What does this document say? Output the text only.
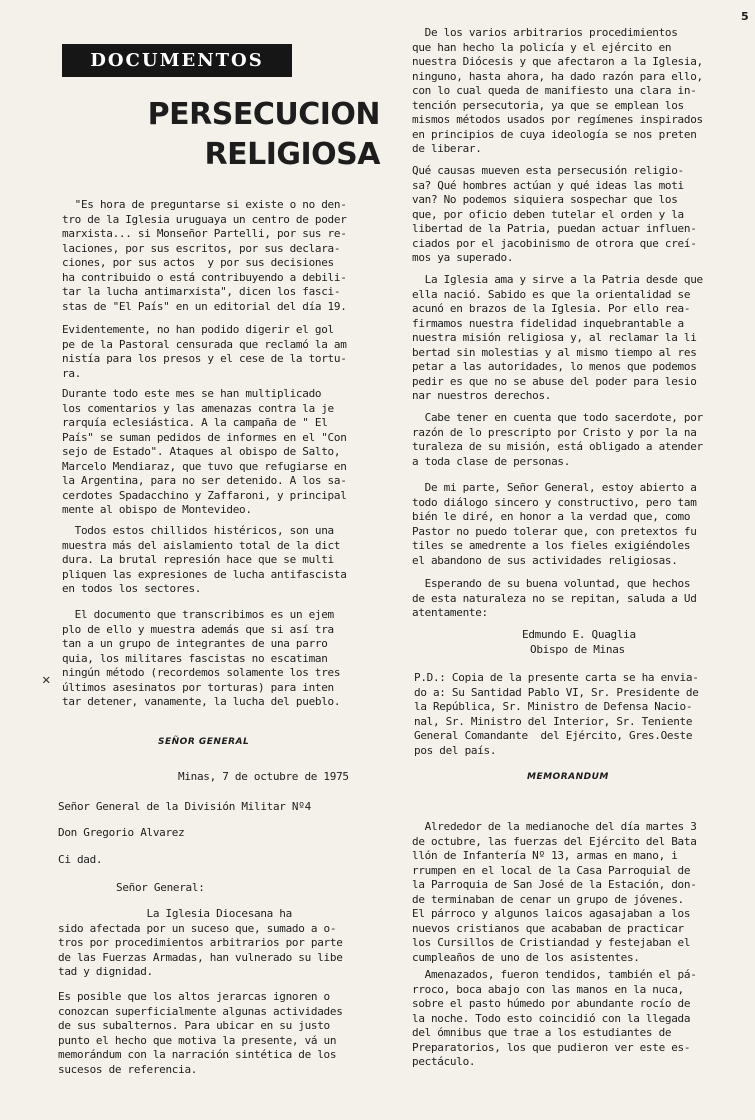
5
DOCUMENTOS
PERSECUCION
RELIGIOSA

"Es hora de preguntarse si existe o no den-
tro de la Iglesia uruguaya un centro de poder
marxista... si Monseñor Partelli, por sus re-
laciones, por sus escritos, por sus declara-
ciones, por sus actos  y por sus decisiones
ha contribuido o está contribuyendo a debili-
tar la lucha antimarxista", dicen los fasci-
stas de "El País" en un editorial del día 19.

Evidentemente, no han podido digerir el gol
pe de la Pastoral censurada que reclamó la am
nistía para los presos y el cese de la tortu-
ra.

Durante todo este mes se han multiplicado
los comentarios y las amenazas contra la je
rarquía eclesiástica. A la campaña de " El
País" se suman pedidos de informes en el "Con
sejo de Estado". Ataques al obispo de Salto,
Marcelo Mendiaraz, que tuvo que refugiarse en
la Argentina, para no ser detenido. A los sa-
cerdotes Spadacchino y Zaffaroni, y principal
mente al obispo de Montevideo.

Todos estos chillidos histéricos, son una
muestra más del aislamiento total de la dict
dura. La brutal represión hace que se multi
pliquen las expresiones de lucha antifascista
en todos los sectores.

El documento que transcribimos es un ejem
plo de ello y muestra además que si así tra
tan a un grupo de integrantes de una parro
quia, los militares fascistas no escatiman
ningún método (recordemos solamente los tres
últimos asesinatos por torturas) para inten
tar detener, vanamente, la lucha del pueblo.

✕
SEÑOR GENERAL

Minas, 7 de octubre de 1975

Señor General de la División Militar Nº4

Don Gregorio Alvarez

Ci dad.

Señor General:

La Iglesia Diocesana ha
sido afectada por un suceso que, sumado a o-
tros por procedimientos arbitrarios por parte
de las Fuerzas Armadas, han vulnerado su libe
tad y dignidad.

Es posible que los altos jerarcas ignoren o
conozcan superficialmente algunas actividades
de sus subalternos. Para ubicar en su justo
punto el hecho que motiva la presente, vá un
memorándum con la narración sintética de los
sucesos de referencia.

De los varios arbitrarios procedimientos
que han hecho la policía y el ejército en
nuestra Diócesis y que afectaron a la Iglesia,
ninguno, hasta ahora, ha dado razón para ello,
con lo cual queda de manifiesto una clara in-
tención persecutoria, ya que se emplean los
mismos métodos usados por regímenes inspirados
en principios de cuya ideología se nos preten
de liberar.

Qué causas mueven esta persecusión religio-
sa? Qué hombres actúan y qué ideas las moti
van? No podemos siquiera sospechar que los
que, por oficio deben tutelar el orden y la
libertad de la Patria, puedan actuar influen-
ciados por el jacobinismo de otrora que creí-
mos ya superado.

La Iglesia ama y sirve a la Patria desde que
ella nació. Sabido es que la orientalidad se
acunó en brazos de la Iglesia. Por ello rea-
firmamos nuestra fidelidad inquebrantable a
nuestra misión religiosa y, al reclamar la li
bertad sin molestias y al mismo tiempo al res
petar a las autoridades, lo menos que podemos
pedir es que no se abuse del poder para lesio
nar nuestros derechos.

Cabe tener en cuenta que todo sacerdote, por
razón de lo prescripto por Cristo y por la na
turaleza de su misión, está obligado a atender
a toda clase de personas.

De mi parte, Señor General, estoy abierto a
todo diálogo sincero y constructivo, pero tam
bién le diré, en honor a la verdad que, como
Pastor no puedo tolerar que, con pretextos fu
tiles se amedrente a los fieles exigiéndoles
el abandono de sus actividades religiosas.

Esperando de su buena voluntad, que hechos
de esta naturaleza no se repitan, saluda a Ud
atentamente:

Edmundo E. Quaglia

Obispo de Minas

P.D.: Copia de la presente carta se ha envia-
do a: Su Santidad Pablo VI, Sr. Presidente de
la República, Sr. Ministro de Defensa Nacio-
nal, Sr. Ministro del Interior, Sr. Teniente
General Comandante  del Ejército, Gres.Oeste
pos del país.

MEMORANDUM

Alrededor de la medianoche del día martes 3
de octubre, las fuerzas del Ejército del Bata
llón de Infantería Nº 13, armas en mano, i
rrumpen en el local de la Casa Parroquial de
la Parroquia de San José de la Estación, don-
de terminaban de cenar un grupo de jóvenes.
El párroco y algunos laicos agasajaban a los
nuevos cristianos que acababan de practicar
los Cursillos de Cristiandad y festejaban el
cumpleaños de uno de los asistentes.

Amenazados, fueron tendidos, también el pá-
rroco, boca abajo con las manos en la nuca,
sobre el pasto húmedo por abundante rocío de
la noche. Todo esto coincidió con la llegada
del ómnibus que trae a los estudiantes de
Preparatorios, los que pudieron ver este es-
pectáculo.
